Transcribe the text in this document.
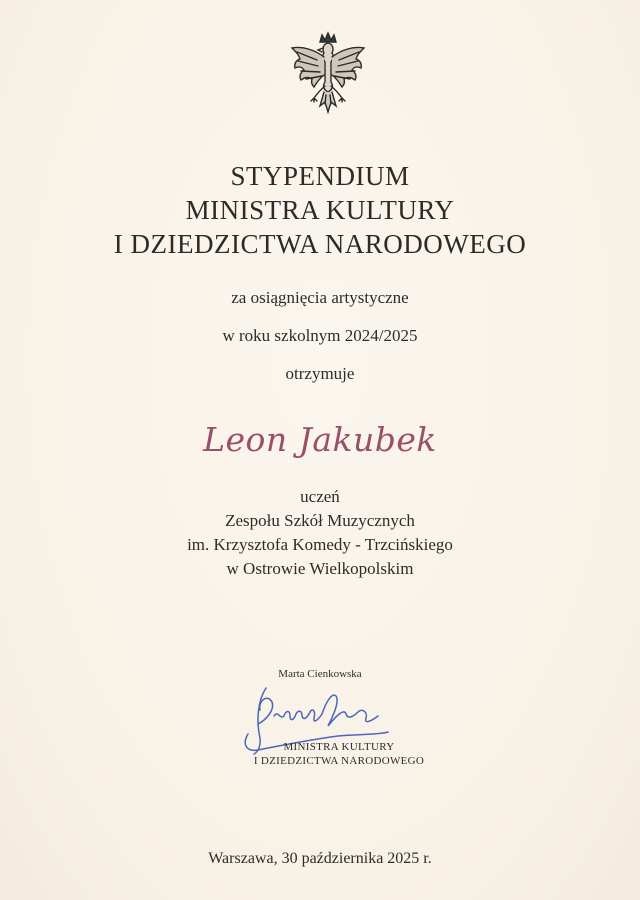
STYPENDIUM
MINISTRA KULTURY
I DZIEDZICTWA NARODOWEGO
za osiągnięcia artystyczne
w roku szkolnym 2024/2025
otrzymuje
Leon Jakubek
uczeń
Zespołu Szkół Muzycznych
im. Krzysztofa Komedy - Trzcińskiego
w Ostrowie Wielkopolskim
Marta Cienkowska
MINISTRA KULTURY
I DZIEDZICTWA NARODOWEGO
Warszawa, 30 października 2025 r.
